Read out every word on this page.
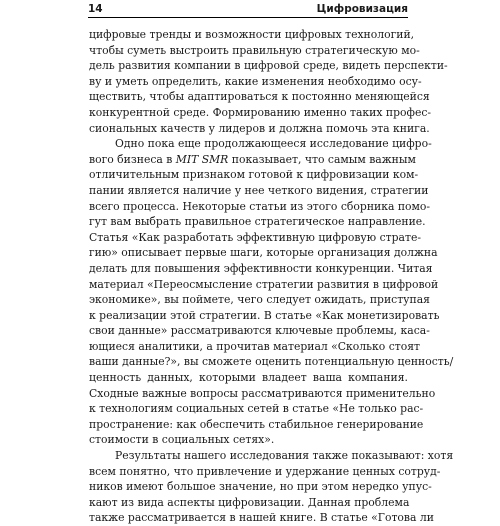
14	Цифровизация
цифровые тренды и возможности цифровых технологий,
чтобы суметь выстроить правильную стратегическую мо-
дель развития компании в цифровой среде, видеть перспекти-
ву и уметь определить, какие изменения необходимо осу-
ществить, чтобы адаптироваться к постоянно меняющейся
конкурентной среде. Формированию именно таких профес-
сиональных качеств у лидеров и должна помочь эта книга.
Одно пока еще продолжающееся исследование цифро-
вого бизнеса в MIT SMR показывает, что самым важным
отличительным признаком готовой к цифровизации ком-
пании является наличие у нее четкого видения, стратегии
всего процесса. Некоторые статьи из этого сборника помо-
гут вам выбрать правильное стратегическое направление.
Статья «Как разработать эффективную цифровую страте-
гию» описывает первые шаги, которые организация должна
делать для повышения эффективности конкуренции. Читая
материал «Переосмысление стратегии развития в цифровой
экономике», вы поймете, чего следует ожидать, приступая
к реализации этой стратегии. В статье «Как монетизировать
свои данные» рассматриваются ключевые проблемы, каса-
ющиеся аналитики, а прочитав материал «Сколько стоят
ваши данные?», вы сможете оценить потенциальную ценность/
ценность данных, которыми владеет ваша компания.
Сходные важные вопросы рассматриваются применительно
к технологиям социальных сетей в статье «Не только рас-
пространение: как обеспечить стабильное генерирование
стоимости в социальных сетях».
Результаты нашего исследования также показывают: хотя
всем понятно, что привлечение и удержание ценных сотруд-
ников имеют большое значение, но при этом нередко упус-
кают из вида аспекты цифровизации. Данная проблема
также рассматривается в нашей книге. В статье «Готова ли
